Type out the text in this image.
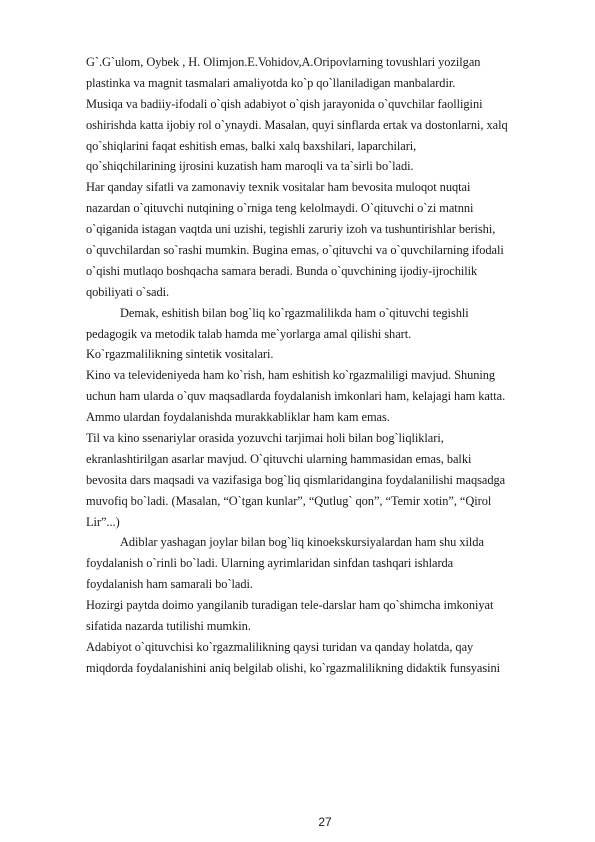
G`.G`ulom, Oybek , H. Olimjon.E.Vohidov,A.Oripovlarning tovushlari yozilgan
plastinka va magnit tasmalari amaliyotda ko`p qo`llaniladigan manbalardir.
Musiqa va badiiy-ifodali o`qish adabiyot o`qish jarayonida o`quvchilar faolligini
oshirishda katta ijobiy rol o`ynaydi. Masalan, quyi sinflarda ertak va dostonlarni, xalq
qo`shiqlarini faqat eshitish emas, balki xalq baxshilari, laparchilari,
qo`shiqchilarining ijrosini kuzatish ham maroqli va ta`sirli bo`ladi.
Har qanday sifatli va zamonaviy texnik vositalar ham bevosita muloqot nuqtai
nazardan o`qituvchi nutqining o`rniga teng kelolmaydi. O`qituvchi o`zi matnni
o`qiganida istagan vaqtda uni uzishi, tegishli zaruriy izoh va tushuntirishlar berishi,
o`quvchilardan so`rashi mumkin. Bugina emas, o`qituvchi va o`quvchilarning ifodali
o`qishi mutlaqo boshqacha samara beradi. Bunda o`quvchining ijodiy-ijrochilik
qobiliyati o`sadi.
Demak, eshitish bilan bog`liq ko`rgazmalilikda ham o`qituvchi tegishli
pedagogik va metodik talab hamda me`yorlarga amal qilishi shart.
Ko`rgazmalilikning sintetik vositalari.
Kino va televideniyeda ham ko`rish, ham eshitish ko`rgazmaliligi mavjud. Shuning
uchun ham ularda o`quv maqsadlarda foydalanish imkonlari ham, kelajagi ham katta.
Ammo ulardan foydalanishda murakkabliklar ham kam emas.
Til va kino ssenariylar orasida yozuvchi tarjimai holi bilan bog`liqliklari,
ekranlashtirilgan asarlar mavjud. O`qituvchi ularning hammasidan emas, balki
bevosita dars maqsadi va vazifasiga bog`liq qismlaridangina foydalanilishi maqsadga
muvofiq bo`ladi. (Masalan, “O`tgan kunlar”, “Qutlug` qon”, “Temir xotin”, “Qirol
Lir”...)
Adiblar yashagan joylar bilan bog`liq kinoekskursiyalardan ham shu xilda
foydalanish o`rinli bo`ladi. Ularning ayrimlaridan sinfdan tashqari ishlarda
foydalanish ham samarali bo`ladi.
Hozirgi paytda doimo yangilanib turadigan tele-darslar ham qo`shimcha imkoniyat
sifatida nazarda tutilishi mumkin.
Adabiyot o`qituvchisi ko`rgazmalilikning qaysi turidan va qanday holatda, qay
miqdorda foydalanishini aniq belgilab olishi, ko`rgazmalilikning didaktik funsyasini
27
